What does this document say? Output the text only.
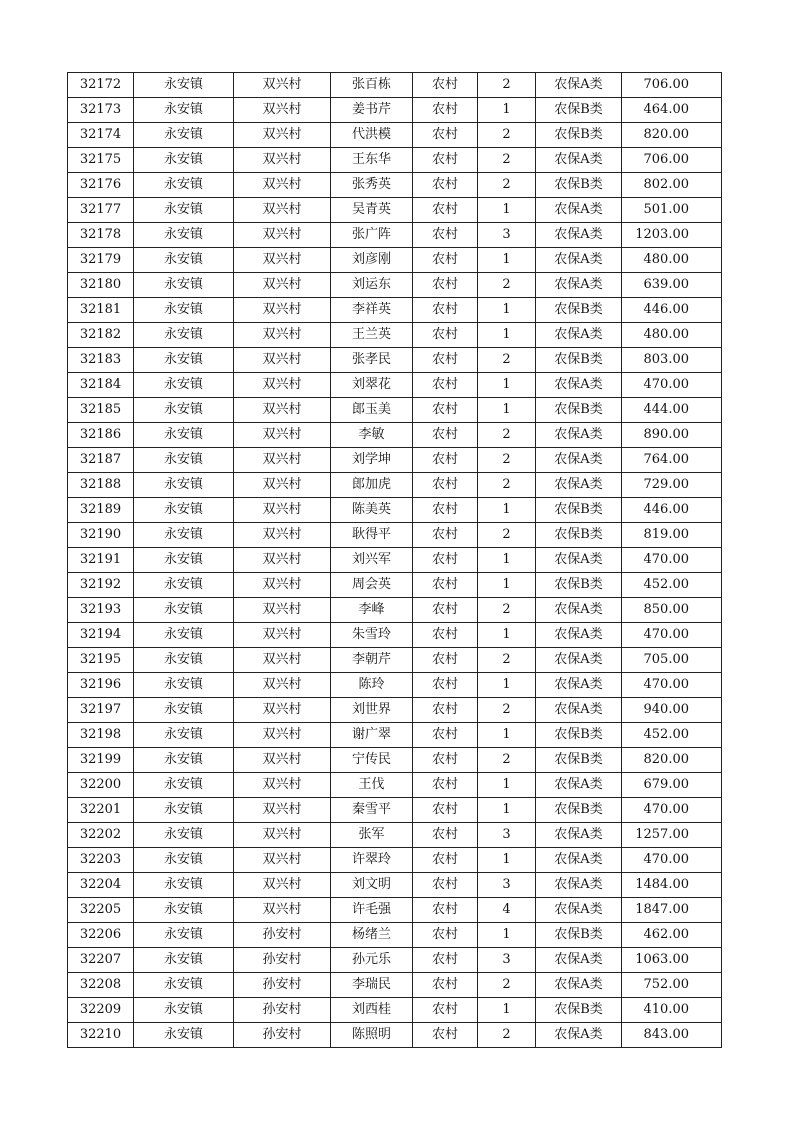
32172	永安镇	双兴村	张百栋	农村	2	农保A类	706.00
32173	永安镇	双兴村	姜书芹	农村	1	农保B类	464.00
32174	永安镇	双兴村	代洪模	农村	2	农保B类	820.00
32175	永安镇	双兴村	王东华	农村	2	农保A类	706.00
32176	永安镇	双兴村	张秀英	农村	2	农保B类	802.00
32177	永安镇	双兴村	吴青英	农村	1	农保A类	501.00
32178	永安镇	双兴村	张广阵	农村	3	农保A类	1203.00
32179	永安镇	双兴村	刘彦刚	农村	1	农保A类	480.00
32180	永安镇	双兴村	刘运东	农村	2	农保A类	639.00
32181	永安镇	双兴村	李祥英	农村	1	农保B类	446.00
32182	永安镇	双兴村	王兰英	农村	1	农保A类	480.00
32183	永安镇	双兴村	张孝民	农村	2	农保B类	803.00
32184	永安镇	双兴村	刘翠花	农村	1	农保A类	470.00
32185	永安镇	双兴村	郎玉美	农村	1	农保B类	444.00
32186	永安镇	双兴村	李敏	农村	2	农保A类	890.00
32187	永安镇	双兴村	刘学坤	农村	2	农保A类	764.00
32188	永安镇	双兴村	郎加虎	农村	2	农保A类	729.00
32189	永安镇	双兴村	陈美英	农村	1	农保B类	446.00
32190	永安镇	双兴村	耿得平	农村	2	农保B类	819.00
32191	永安镇	双兴村	刘兴军	农村	1	农保A类	470.00
32192	永安镇	双兴村	周会英	农村	1	农保B类	452.00
32193	永安镇	双兴村	李峰	农村	2	农保A类	850.00
32194	永安镇	双兴村	朱雪玲	农村	1	农保A类	470.00
32195	永安镇	双兴村	李朝芹	农村	2	农保A类	705.00
32196	永安镇	双兴村	陈玲	农村	1	农保A类	470.00
32197	永安镇	双兴村	刘世界	农村	2	农保A类	940.00
32198	永安镇	双兴村	谢广翠	农村	1	农保B类	452.00
32199	永安镇	双兴村	宁传民	农村	2	农保B类	820.00
32200	永安镇	双兴村	王伐	农村	1	农保A类	679.00
32201	永安镇	双兴村	秦雪平	农村	1	农保B类	470.00
32202	永安镇	双兴村	张军	农村	3	农保A类	1257.00
32203	永安镇	双兴村	许翠玲	农村	1	农保A类	470.00
32204	永安镇	双兴村	刘文明	农村	3	农保A类	1484.00
32205	永安镇	双兴村	许毛强	农村	4	农保A类	1847.00
32206	永安镇	孙安村	杨绪兰	农村	1	农保B类	462.00
32207	永安镇	孙安村	孙元乐	农村	3	农保A类	1063.00
32208	永安镇	孙安村	李瑞民	农村	2	农保A类	752.00
32209	永安镇	孙安村	刘西桂	农村	1	农保B类	410.00
32210	永安镇	孙安村	陈照明	农村	2	农保A类	843.00
